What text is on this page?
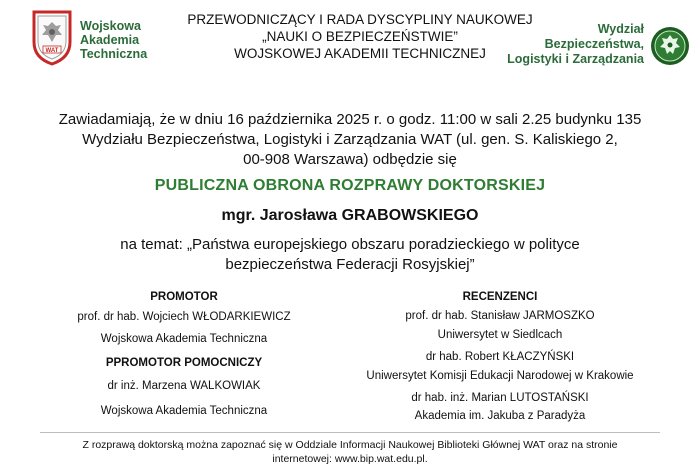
WAT
Wojskowa
Akademia
Techniczna
PRZEWODNICZĄCY I RADA DYSCYPLINY NAUKOWEJ
„NAUKI O BEZPIECZEŃSTWIE”
WOJSKOWEJ AKADEMII TECHNICZNEJ
Wydział
Bezpieczeństwa,
Logistyki i Zarządzania
Zawiadamiają, że w dniu 16 października 2025 r. o godz. 11:00 w sali 2.25 budynku 135
Wydziału Bezpieczeństwa, Logistyki i Zarządzania WAT (ul. gen. S. Kaliskiego 2,
00-908 Warszawa) odbędzie się
PUBLICZNA OBRONA ROZPRAWY DOKTORSKIEJ
mgr. Jarosława GRABOWSKIEGO
na temat: „Państwa europejskiego obszaru poradzieckiego w polityce
bezpieczeństwa Federacji Rosyjskiej”
PROMOTOR
prof. dr hab. Wojciech WŁODARKIEWICZ
Wojskowa Akademia Techniczna
PPROMOTOR POMOCNICZY
dr inż. Marzena WALKOWIAK
Wojskowa Akademia Techniczna
RECENZENCI
prof. dr hab. Stanisław JARMOSZKO
Uniwersytet w Siedlcach
dr hab. Robert KŁACZYŃSKI
Uniwersytet Komisji Edukacji Narodowej w Krakowie
dr hab. inż. Marian LUTOSTAŃSKI
Akademia im. Jakuba z Paradyża
Z rozprawą doktorską można zapoznać się w Oddziale Informacji Naukowej Biblioteki Głównej WAT oraz na stronie
internetowej: www.bip.wat.edu.pl.
